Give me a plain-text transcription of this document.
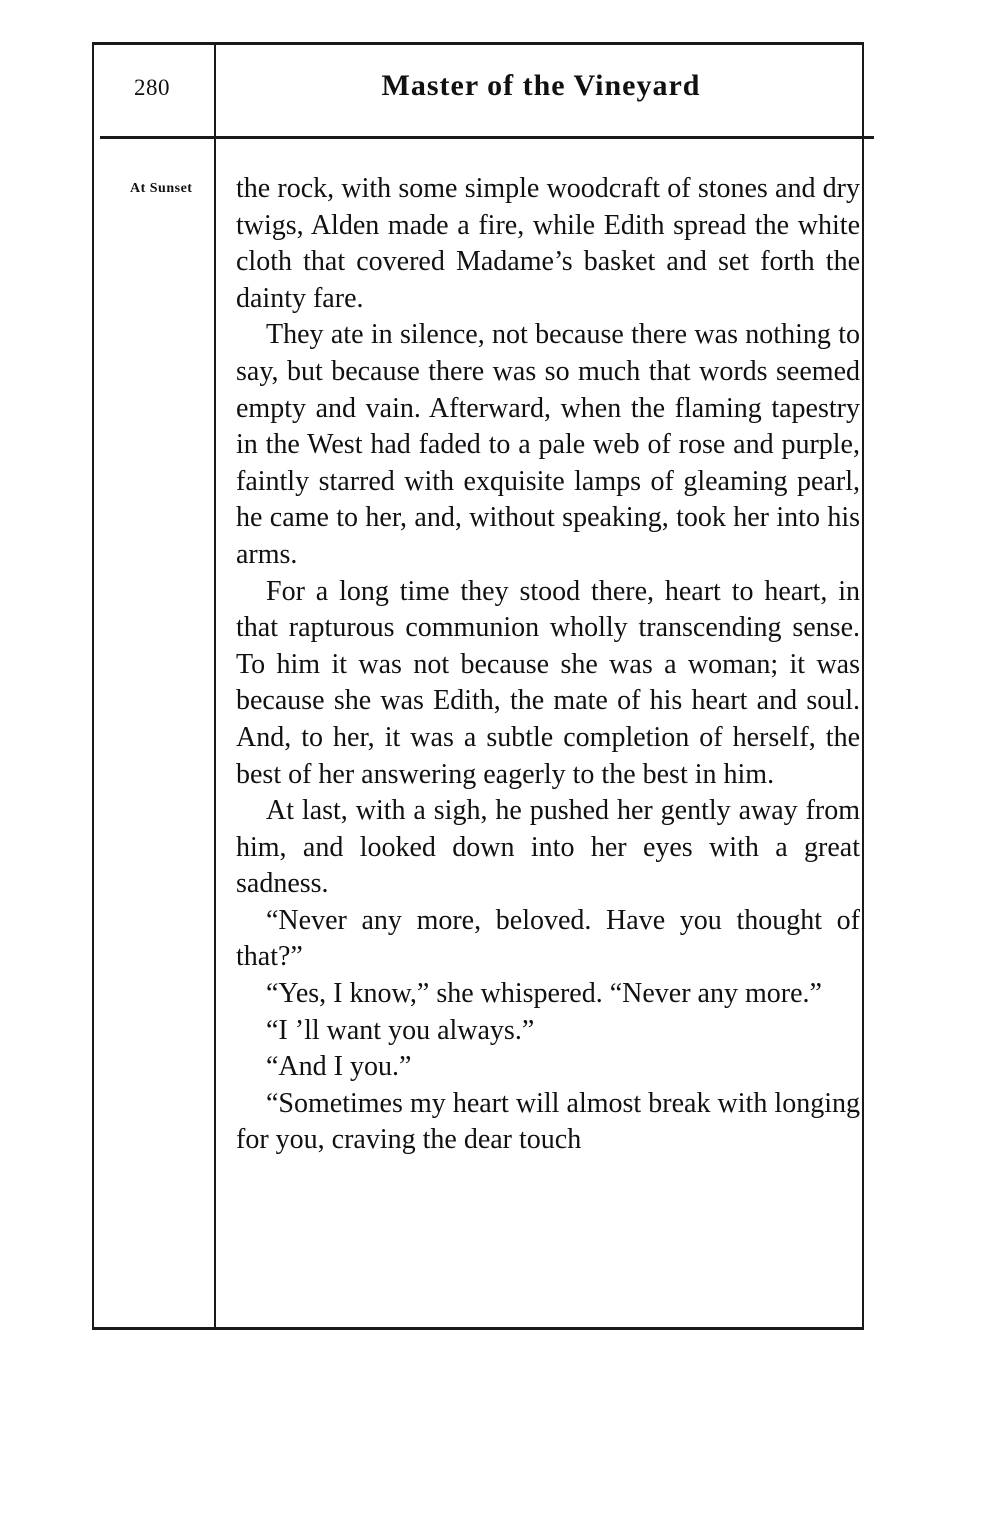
280	Master of the Vineyard
At Sunset the rock, with some simple woodcraft of stones and dry twigs, Alden made a fire, while Edith spread the white cloth that covered Madame’s basket and set forth the dainty fare.

They ate in silence, not because there was nothing to say, but because there was so much that words seemed empty and vain. Afterward, when the flaming tapestry in the West had faded to a pale web of rose and purple, faintly starred with exquisite lamps of gleaming pearl, he came to her, and, without speaking, took her into his arms.

For a long time they stood there, heart to heart, in that rapturous communion wholly transcending sense. To him it was not because she was a woman; it was because she was Edith, the mate of his heart and soul. And, to her, it was a subtle completion of herself, the best of her answering eagerly to the best in him.

At last, with a sigh, he pushed her gently away from him, and looked down into her eyes with a great sadness.

“Never any more, beloved. Have you thought of that?”

“Yes, I know,” she whispered. “Never any more.”

“I ’ll want you always.”

“And I you.”

“Sometimes my heart will almost break with longing for you, craving the dear touch
